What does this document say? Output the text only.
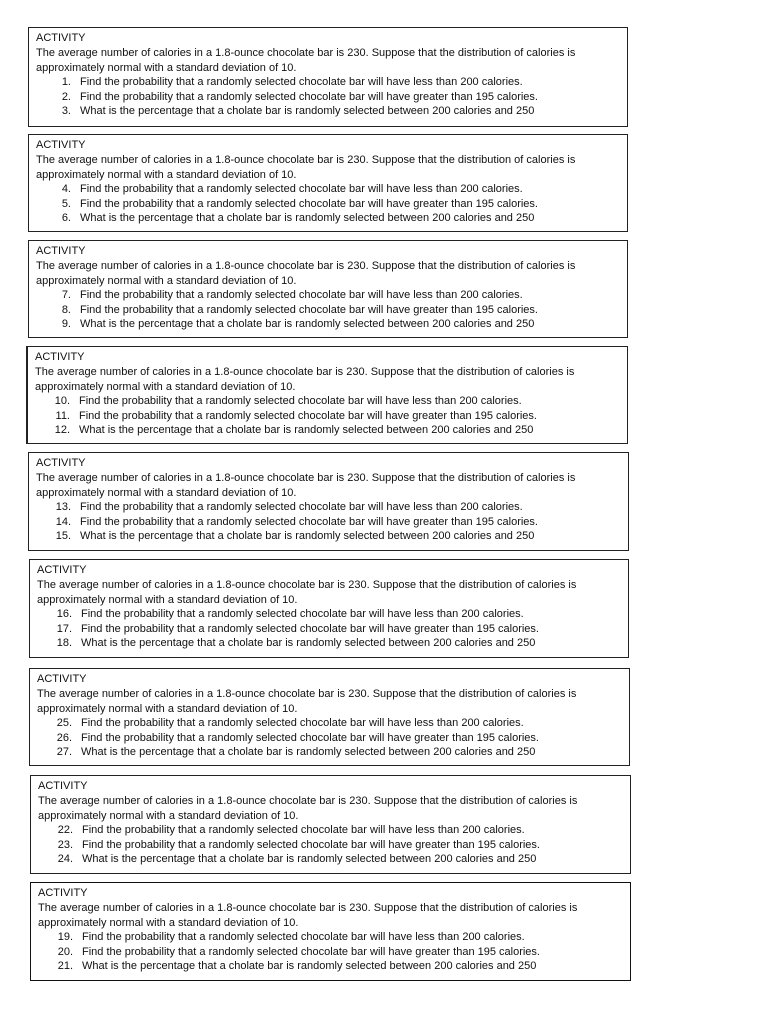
ACTIVITY
The average number of calories in a 1.8-ounce chocolate bar is 230. Suppose that the distribution of calories is approximately normal with a standard deviation of 10.
1. Find the probability that a randomly selected chocolate bar will have less than 200 calories.
2. Find the probability that a randomly selected chocolate bar will have greater than 195 calories.
3. What is the percentage that a cholate bar is randomly selected between 200 calories and 250
ACTIVITY
The average number of calories in a 1.8-ounce chocolate bar is 230. Suppose that the distribution of calories is approximately normal with a standard deviation of 10.
4. Find the probability that a randomly selected chocolate bar will have less than 200 calories.
5. Find the probability that a randomly selected chocolate bar will have greater than 195 calories.
6. What is the percentage that a cholate bar is randomly selected between 200 calories and 250
ACTIVITY
The average number of calories in a 1.8-ounce chocolate bar is 230. Suppose that the distribution of calories is approximately normal with a standard deviation of 10.
7. Find the probability that a randomly selected chocolate bar will have less than 200 calories.
8. Find the probability that a randomly selected chocolate bar will have greater than 195 calories.
9. What is the percentage that a cholate bar is randomly selected between 200 calories and 250
ACTIVITY
The average number of calories in a 1.8-ounce chocolate bar is 230. Suppose that the distribution of calories is approximately normal with a standard deviation of 10.
10. Find the probability that a randomly selected chocolate bar will have less than 200 calories.
11. Find the probability that a randomly selected chocolate bar will have greater than 195 calories.
12. What is the percentage that a cholate bar is randomly selected between 200 calories and 250
ACTIVITY
The average number of calories in a 1.8-ounce chocolate bar is 230. Suppose that the distribution of calories is approximately normal with a standard deviation of 10.
13. Find the probability that a randomly selected chocolate bar will have less than 200 calories.
14. Find the probability that a randomly selected chocolate bar will have greater than 195 calories.
15. What is the percentage that a cholate bar is randomly selected between 200 calories and 250
ACTIVITY
The average number of calories in a 1.8-ounce chocolate bar is 230. Suppose that the distribution of calories is approximately normal with a standard deviation of 10.
16. Find the probability that a randomly selected chocolate bar will have less than 200 calories.
17. Find the probability that a randomly selected chocolate bar will have greater than 195 calories.
18. What is the percentage that a cholate bar is randomly selected between 200 calories and 250
ACTIVITY
The average number of calories in a 1.8-ounce chocolate bar is 230. Suppose that the distribution of calories is approximately normal with a standard deviation of 10.
25. Find the probability that a randomly selected chocolate bar will have less than 200 calories.
26. Find the probability that a randomly selected chocolate bar will have greater than 195 calories.
27. What is the percentage that a cholate bar is randomly selected between 200 calories and 250
ACTIVITY
The average number of calories in a 1.8-ounce chocolate bar is 230. Suppose that the distribution of calories is approximately normal with a standard deviation of 10.
22. Find the probability that a randomly selected chocolate bar will have less than 200 calories.
23. Find the probability that a randomly selected chocolate bar will have greater than 195 calories.
24. What is the percentage that a cholate bar is randomly selected between 200 calories and 250
ACTIVITY
The average number of calories in a 1.8-ounce chocolate bar is 230. Suppose that the distribution of calories is approximately normal with a standard deviation of 10.
19. Find the probability that a randomly selected chocolate bar will have less than 200 calories.
20. Find the probability that a randomly selected chocolate bar will have greater than 195 calories.
21. What is the percentage that a cholate bar is randomly selected between 200 calories and 250
